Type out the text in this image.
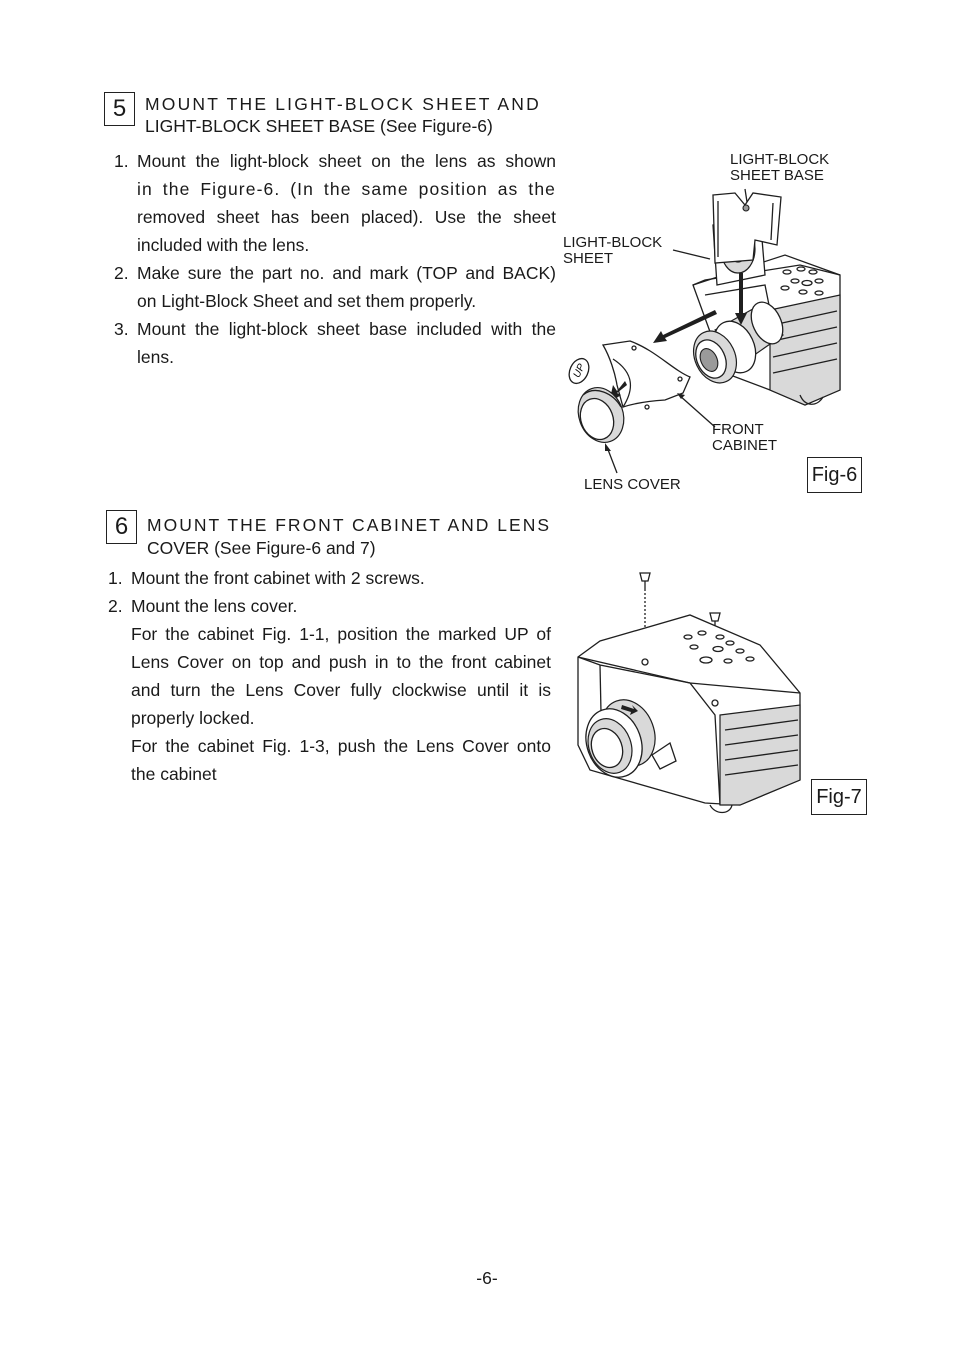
5	MOUNT THE LIGHT-BLOCK SHEET AND
LIGHT-BLOCK SHEET BASE (See Figure-6)
1. Mount the light-block sheet on the lens as shown
in the Figure-6. (In the same position as the
removed sheet has been placed). Use the sheet
included with the lens.
2. Make sure the part no. and mark (TOP and BACK)
on Light-Block Sheet and set them properly.
3. Mount the light-block sheet base included with the
lens.
UP
LIGHT-BLOCK
SHEET BASE
LIGHT-BLOCK
SHEET
FRONT
CABINET
LENS COVER	Fig-6
6	MOUNT THE FRONT CABINET AND LENS
COVER (See Figure-6 and 7)
1. Mount the front cabinet with 2 screws.
2. Mount the lens cover.
For the cabinet Fig. 1-1, position the marked UP of
Lens Cover on top and push in to the front cabinet
and turn the Lens Cover fully clockwise until it is
properly locked.
For the cabinet Fig. 1-3, push the Lens Cover onto
the cabinet
Fig-7
-6-
